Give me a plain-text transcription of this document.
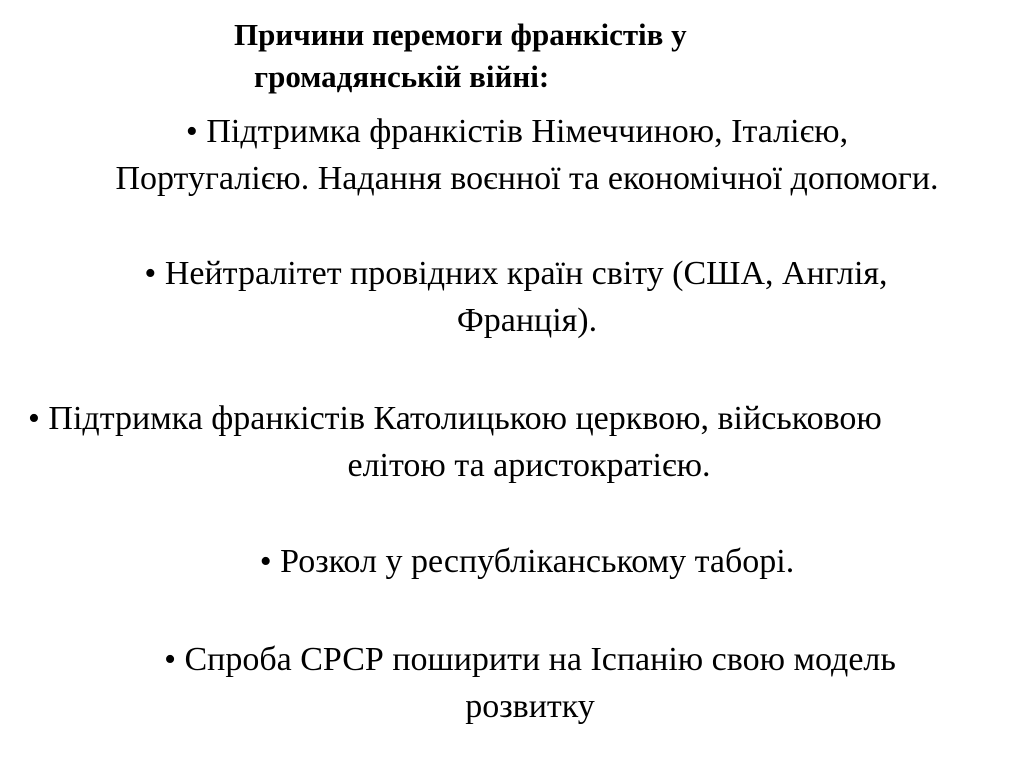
Причини перемоги франкістів у
громадянській війні:
• Підтримка франкістів Німеччиною, Італією,
Португалією. Надання воєнної та економічної допомоги.
• Нейтралітет провідних країн світу (США, Англія,
Франція).
• Підтримка франкістів Католицькою церквою, військовою
елітою та аристократією.
• Розкол у республіканському таборі.
• Спроба СРСР поширити на Іспанію свою модель
розвитку
